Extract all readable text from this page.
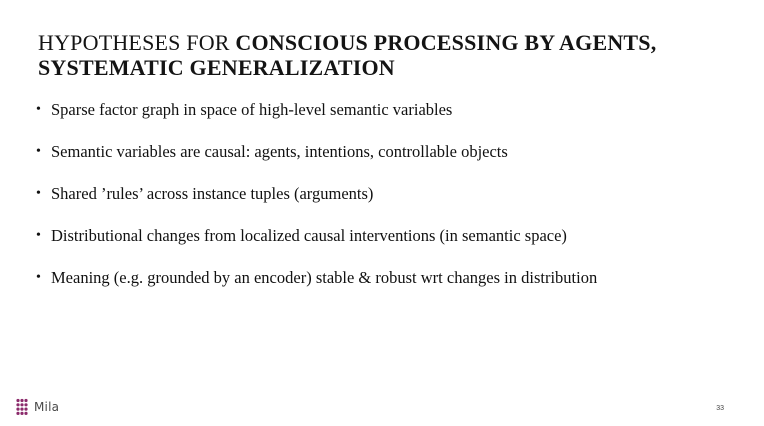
HYPOTHESES FOR CONSCIOUS PROCESSING BY AGENTS,
SYSTEMATIC GENERALIZATION
• Sparse factor graph in space of high-level semantic variables
• Semantic variables are causal: agents, intentions, controllable objects
• Shared ’rules’ across instance tuples (arguments)
• Distributional changes from localized causal interventions (in semantic space)
• Meaning (e.g. grounded by an encoder) stable & robust wrt changes in distribution
Mila	33
